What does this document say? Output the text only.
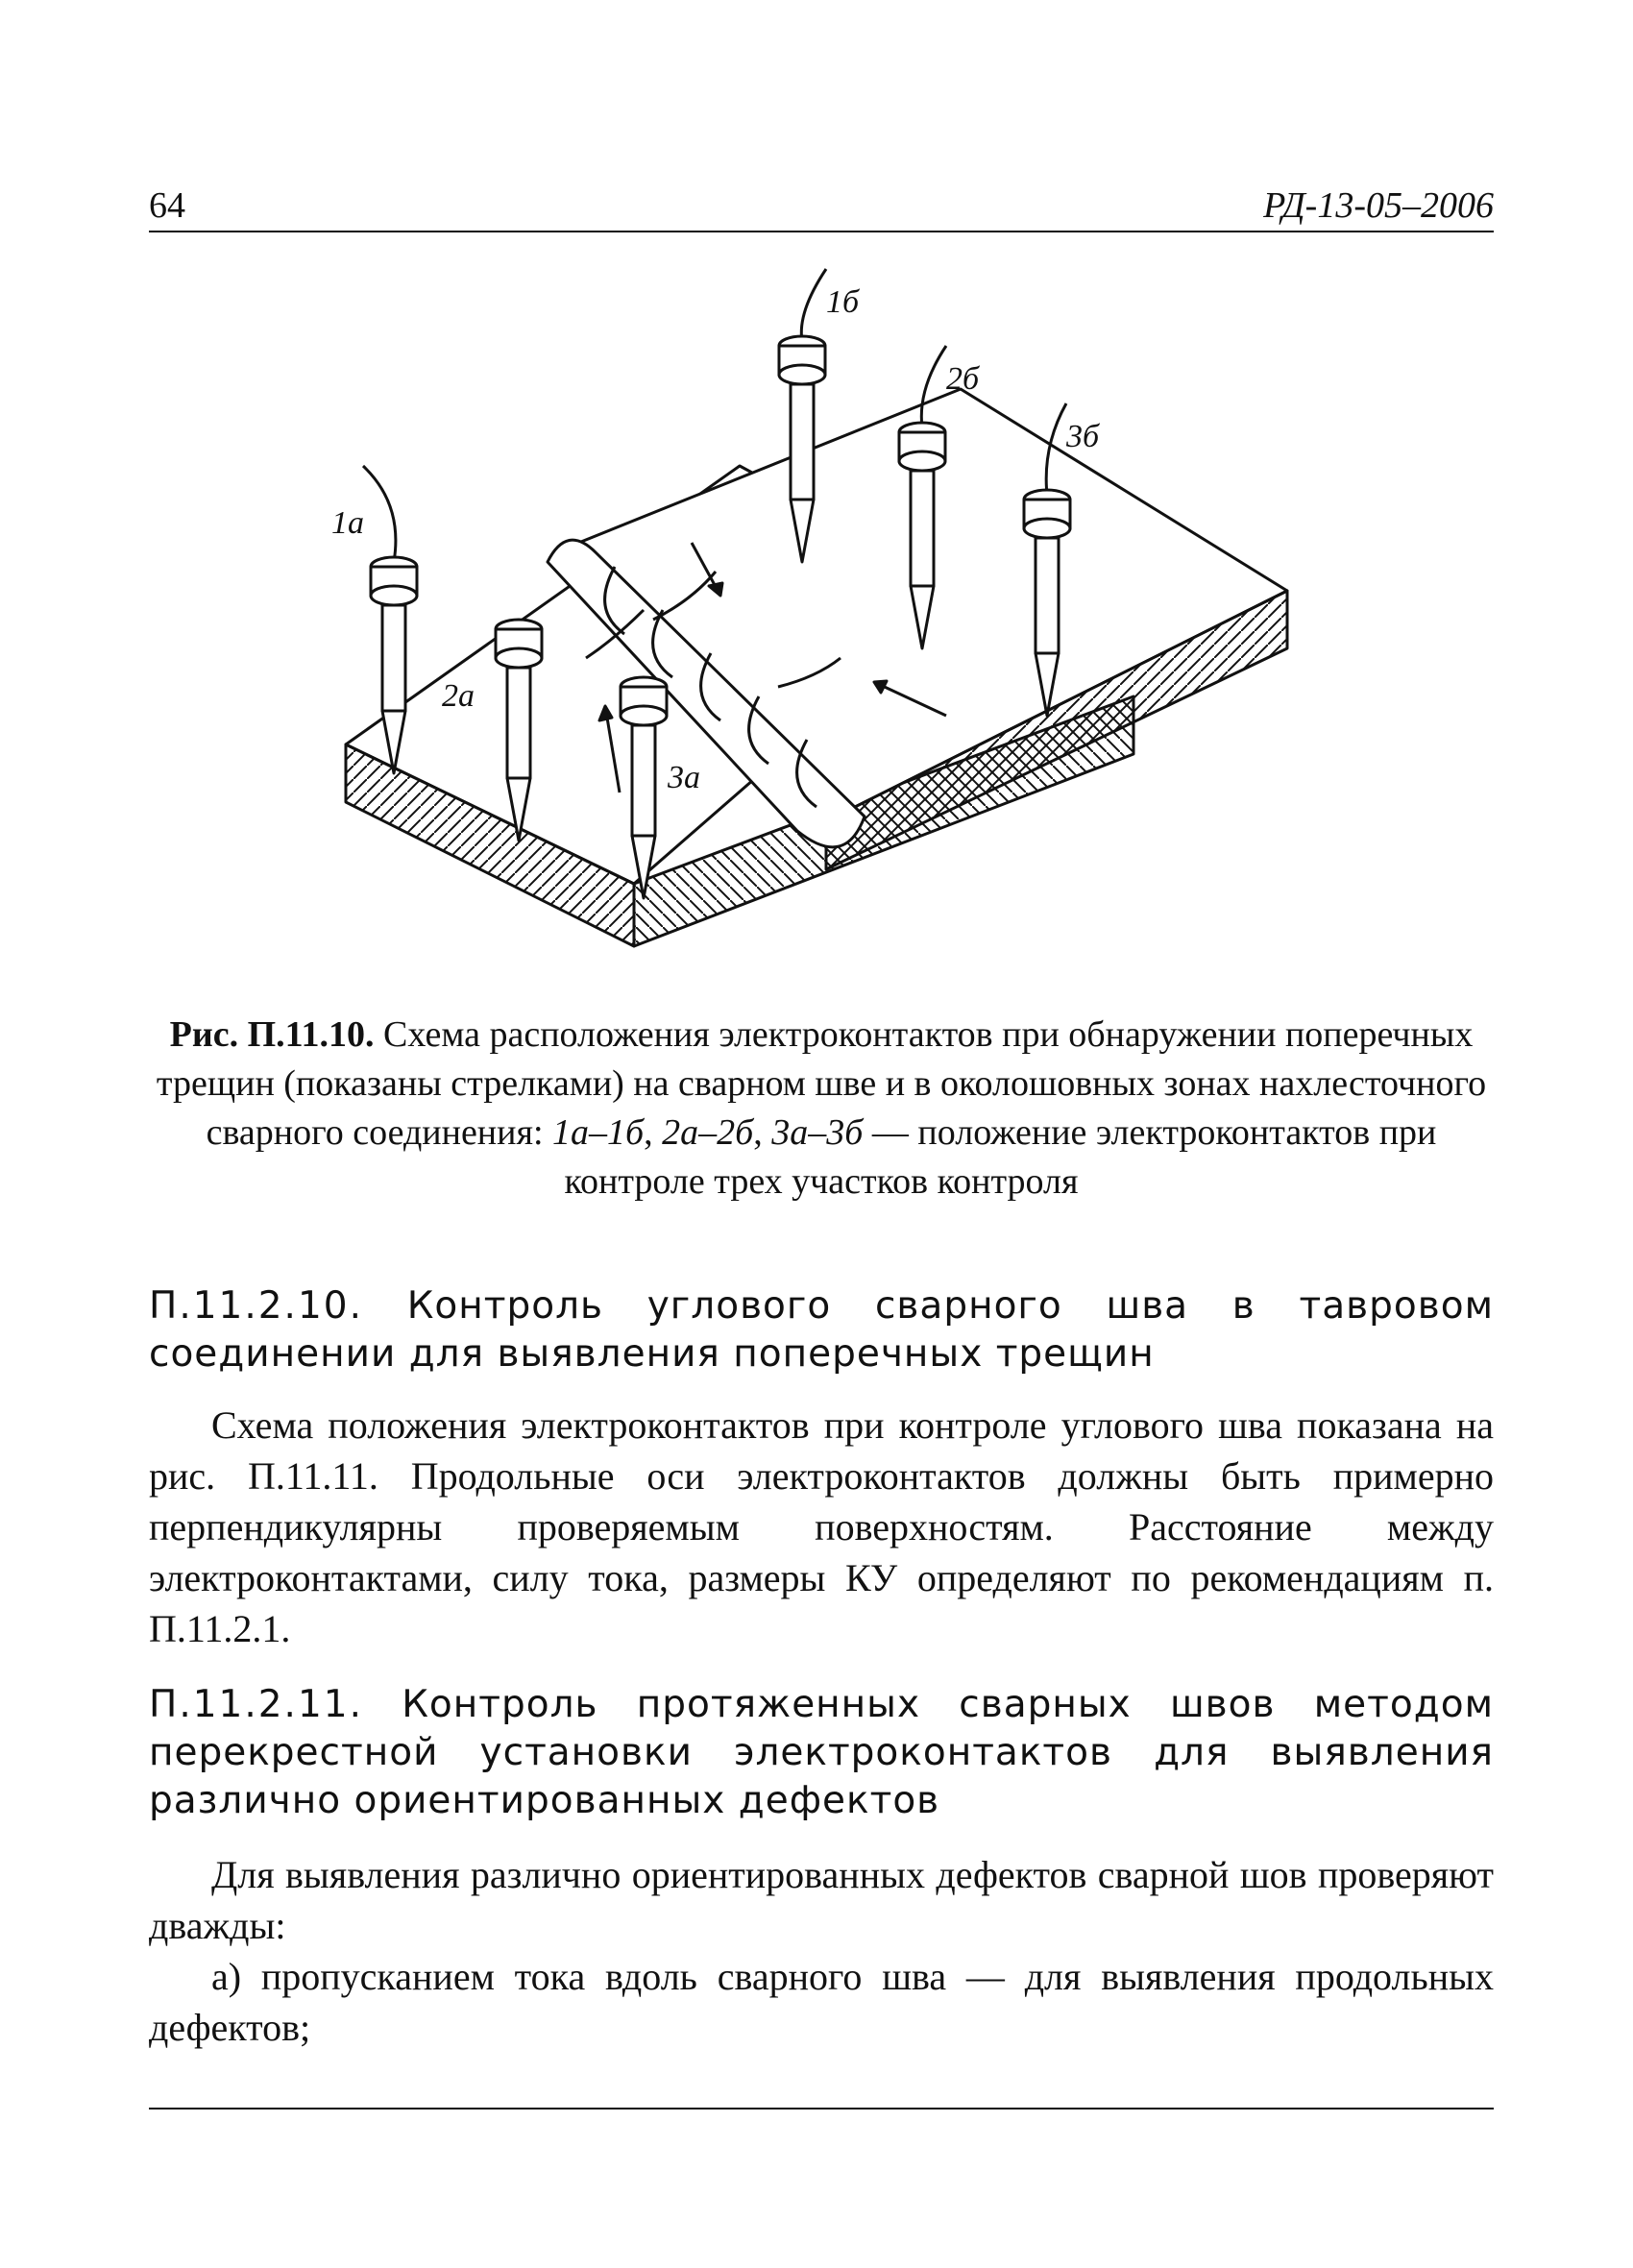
64	РД-13-05–2006
1а
2а
3а
1б
2б
3б
Рис. П.11.10. Схема расположения электроконтактов при обнаружении поперечных трещин (показаны стрелками) на сварном шве и в околошовных зонах нахлесточного сварного соединения: 1а–1б, 2а–2б, 3а–3б — положение электроконтактов при контроле трех участков контроля
П.11.2.10. Контроль углового сварного шва в тавровом соединении для выявления поперечных трещин

Схема положения электроконтактов при контроле углового шва показана на рис. П.11.11. Продольные оси электроконтактов должны быть примерно перпендикулярны проверяемым поверхностям. Расстояние между электроконтактами, силу тока, размеры КУ определяют по рекомендациям п. П.11.2.1.

П.11.2.11. Контроль протяженных сварных швов методом перекрестной установки электроконтактов для выявления различно ориентированных дефектов

Для выявления различно ориентированных дефектов сварной шов проверяют дважды:

а) пропусканием тока вдоль сварного шва — для выявления продольных дефектов;
